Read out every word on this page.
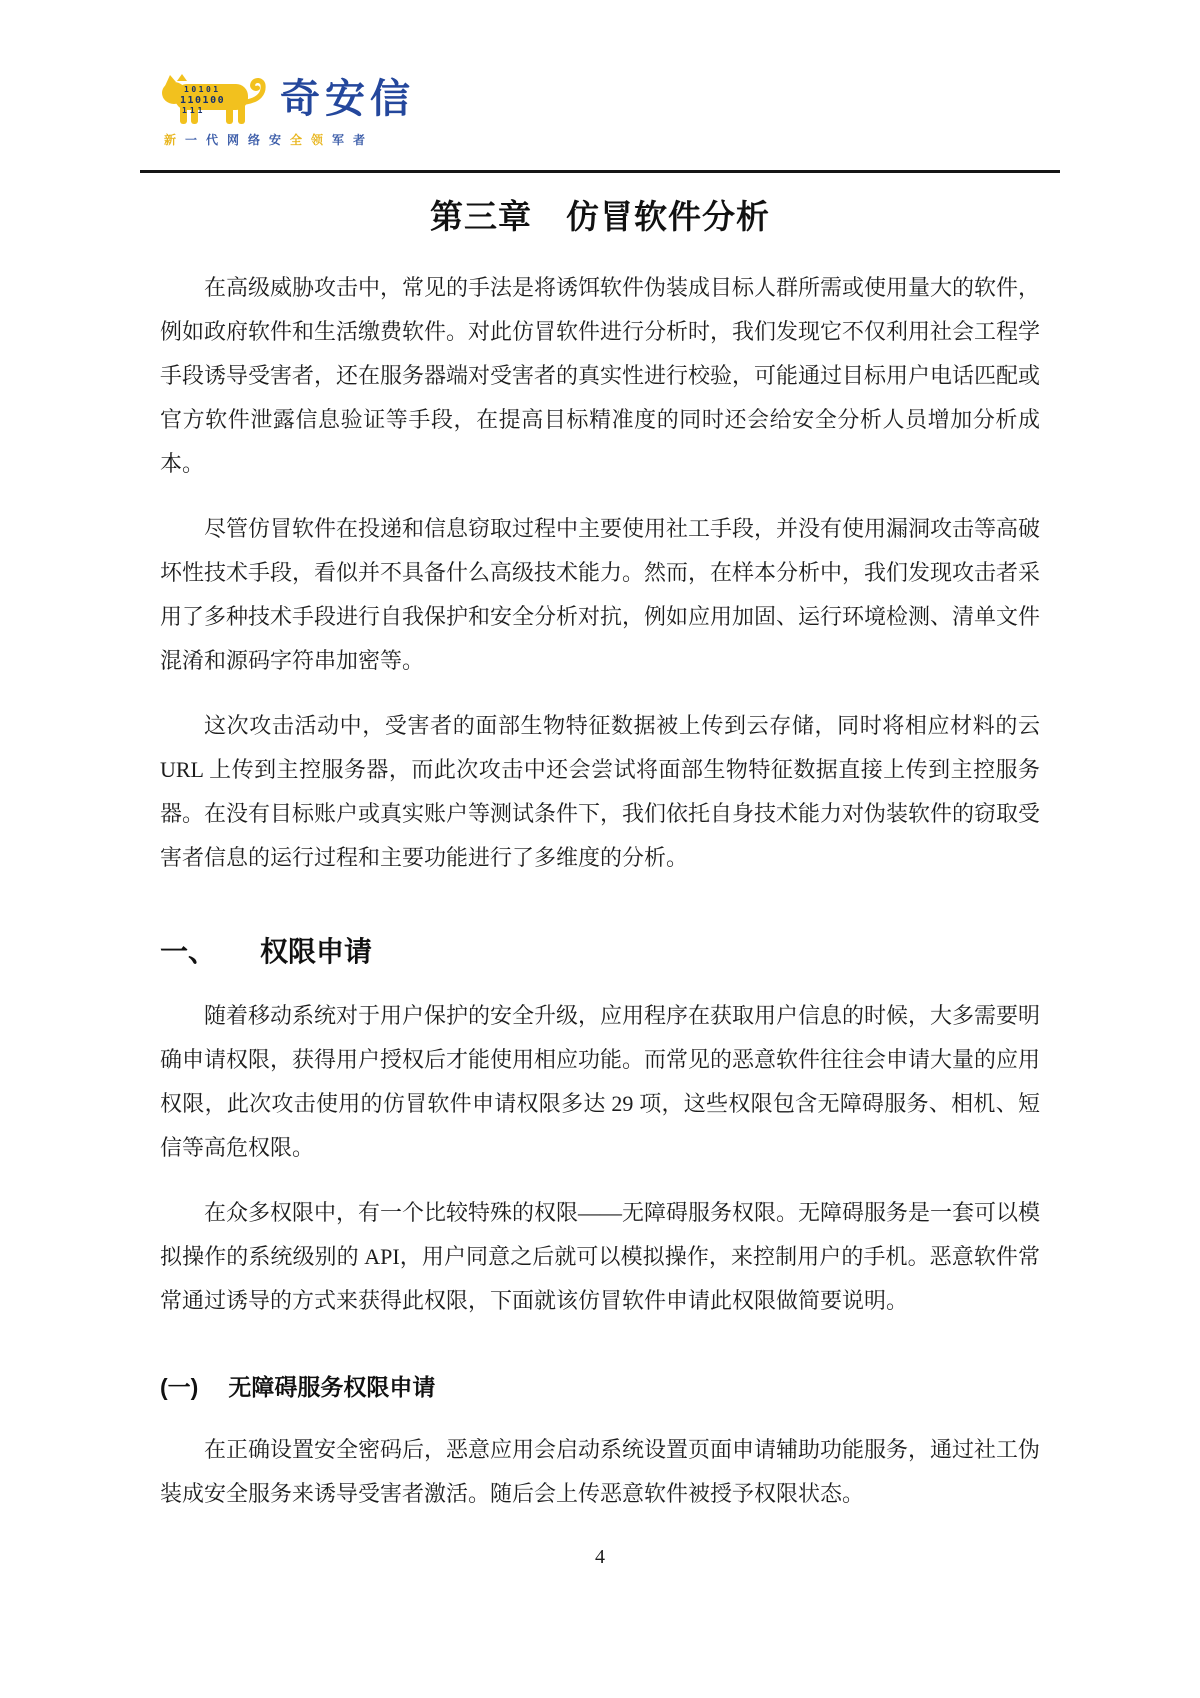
10101
110100
111 奇安信
新一代网络安全领军者
第三章　仿冒软件分析

在高级威胁攻击中，常见的手法是将诱饵软件伪装成目标人群所需或使用量大的软件，例如政府软件和生活缴费软件。对此仿冒软件进行分析时，我们发现它不仅利用社会工程学手段诱导受害者，还在服务器端对受害者的真实性进行校验，可能通过目标用户电话匹配或官方软件泄露信息验证等手段，在提高目标精准度的同时还会给安全分析人员增加分析成本。

尽管仿冒软件在投递和信息窃取过程中主要使用社工手段，并没有使用漏洞攻击等高破坏性技术手段，看似并不具备什么高级技术能力。然而，在样本分析中，我们发现攻击者采用了多种技术手段进行自我保护和安全分析对抗，例如应用加固、运行环境检测、清单文件混淆和源码字符串加密等。

这次攻击活动中，受害者的面部生物特征数据被上传到云存储，同时将相应材料的云 URL 上传到主控服务器，而此次攻击中还会尝试将面部生物特征数据直接上传到主控服务器。在没有目标账户或真实账户等测试条件下，我们依托自身技术能力对伪装软件的窃取受害者信息的运行过程和主要功能进行了多维度的分析。

一、 权限申请

随着移动系统对于用户保护的安全升级，应用程序在获取用户信息的时候，大多需要明确申请权限，获得用户授权后才能使用相应功能。而常见的恶意软件往往会申请大量的应用权限，此次攻击使用的仿冒软件申请权限多达 29 项，这些权限包含无障碍服务、相机、短信等高危权限。

在众多权限中，有一个比较特殊的权限——无障碍服务权限。无障碍服务是一套可以模拟操作的系统级别的 API，用户同意之后就可以模拟操作，来控制用户的手机。恶意软件常常通过诱导的方式来获得此权限，下面就该仿冒软件申请此权限做简要说明。

(一) 无障碍服务权限申请

在正确设置安全密码后，恶意应用会启动系统设置页面申请辅助功能服务，通过社工伪装成安全服务来诱导受害者激活。随后会上传恶意软件被授予权限状态。

4
